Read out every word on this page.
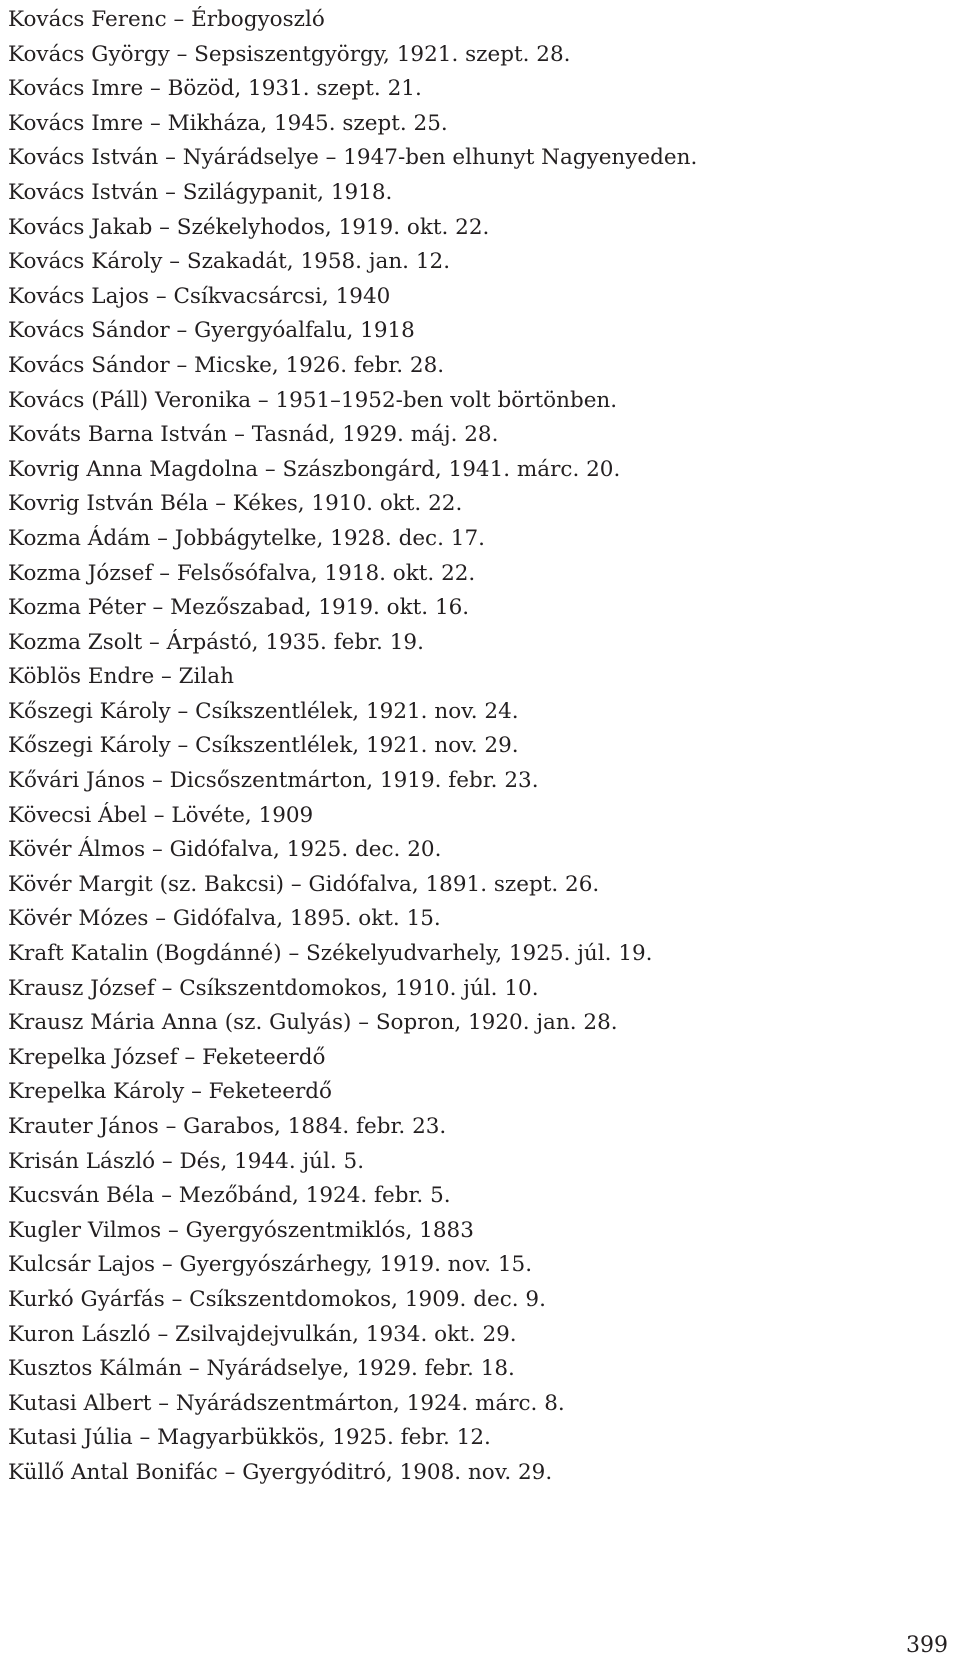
Kovács Ferenc – Érbogyoszló
Kovács György – Sepsiszentgyörgy, 1921. szept. 28.
Kovács Imre – Bözöd, 1931. szept. 21.
Kovács Imre – Mikháza, 1945. szept. 25.
Kovács István – Nyárádselye – 1947-ben elhunyt Nagyenyeden.
Kovács István – Szilágypanit, 1918.
Kovács Jakab – Székelyhodos, 1919. okt. 22.
Kovács Károly – Szakadát, 1958. jan. 12.
Kovács Lajos – Csíkvacsárcsi, 1940
Kovács Sándor – Gyergyóalfalu, 1918
Kovács Sándor – Micske, 1926. febr. 28.
Kovács (Páll) Veronika – 1951–1952-ben volt börtönben.
Kováts Barna István – Tasnád, 1929. máj. 28.
Kovrig Anna Magdolna – Szászbongárd, 1941. márc. 20.
Kovrig István Béla – Kékes, 1910. okt. 22.
Kozma Ádám – Jobbágytelke, 1928. dec. 17.
Kozma József – Felsősófalva, 1918. okt. 22.
Kozma Péter – Mezőszabad, 1919. okt. 16.
Kozma Zsolt – Árpástó, 1935. febr. 19.
Köblös Endre – Zilah
Kőszegi Károly – Csíkszentlélek, 1921. nov. 24.
Kőszegi Károly – Csíkszentlélek, 1921. nov. 29.
Kővári János – Dicsőszentmárton, 1919. febr. 23.
Kövecsi Ábel – Lövéte, 1909
Kövér Álmos – Gidófalva, 1925. dec. 20.
Kövér Margit (sz. Bakcsi) – Gidófalva, 1891. szept. 26.
Kövér Mózes – Gidófalva, 1895. okt. 15.
Kraft Katalin (Bogdánné) – Székelyudvarhely, 1925. júl. 19.
Krausz József – Csíkszentdomokos, 1910. júl. 10.
Krausz Mária Anna (sz. Gulyás) – Sopron, 1920. jan. 28.
Krepelka József – Feketeerdő
Krepelka Károly – Feketeerdő
Krauter János – Garabos, 1884. febr. 23.
Krisán László – Dés, 1944. júl. 5.
Kucsván Béla – Mezőbánd, 1924. febr. 5.
Kugler Vilmos – Gyergyószentmiklós, 1883
Kulcsár Lajos – Gyergyószárhegy, 1919. nov. 15.
Kurkó Gyárfás – Csíkszentdomokos, 1909. dec. 9.
Kuron László – Zsilvajdejvulkán, 1934. okt. 29.
Kusztos Kálmán – Nyárádselye, 1929. febr. 18.
Kutasi Albert – Nyárádszentmárton, 1924. márc. 8.
Kutasi Júlia – Magyarbükkös, 1925. febr. 12.
Küllő Antal Bonifác – Gyergyóditró, 1908. nov. 29.
399
